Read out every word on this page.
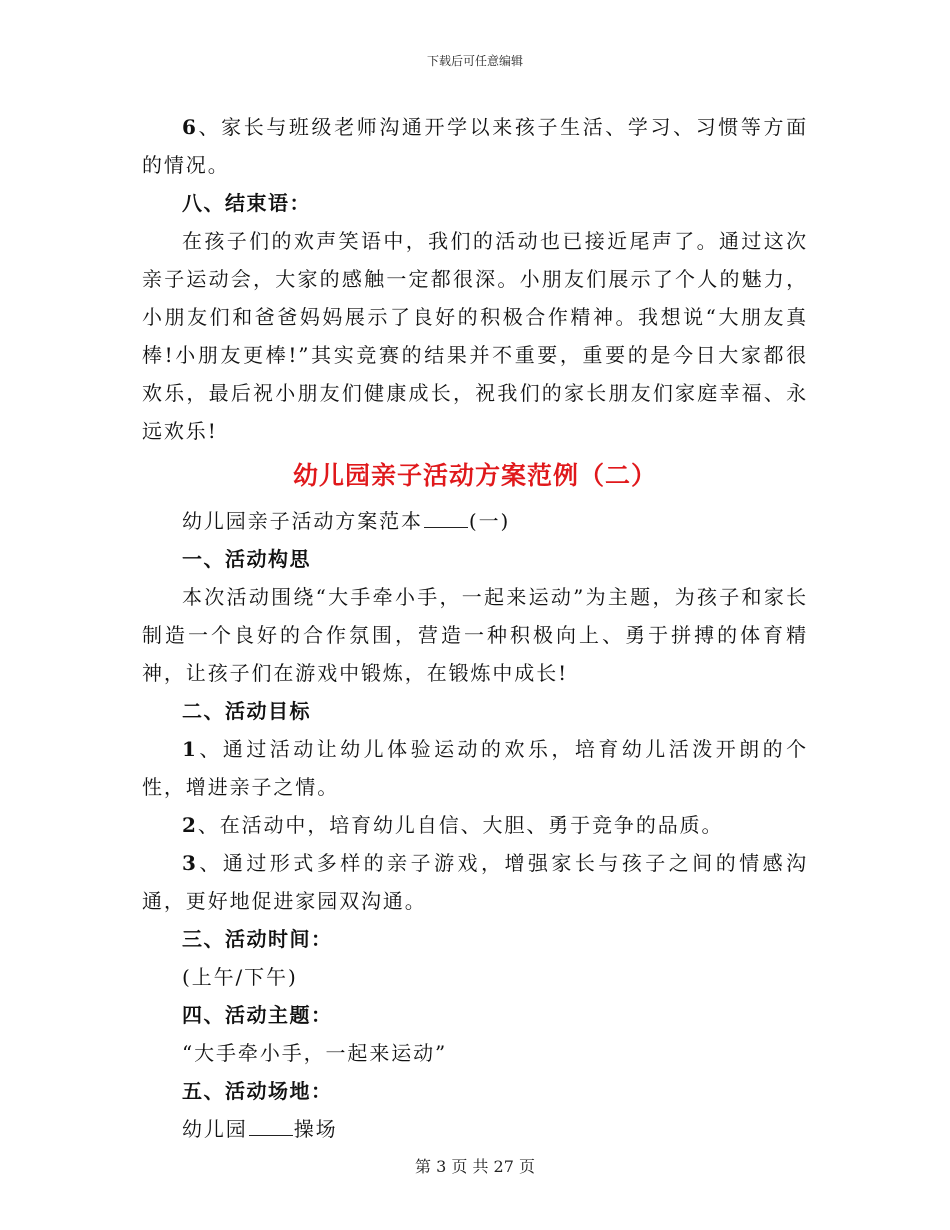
下载后可任意编辑

6、家长与班级老师沟通开学以来孩子生活、学习、习惯等方面的情况。

八、结束语：

在孩子们的欢声笑语中，我们的活动也已接近尾声了。通过这次亲子运动会，大家的感触一定都很深。小朋友们展示了个人的魅力，小朋友们和爸爸妈妈展示了良好的积极合作精神。我想说“大朋友真棒!小朋友更棒!”其实竞赛的结果并不重要，重要的是今日大家都很欢乐，最后祝小朋友们健康成长，祝我们的家长朋友们家庭幸福、永远欢乐!

幼儿园亲子活动方案范例（二）

幼儿园亲子活动方案范本 (一)

一、活动构思

本次活动围绕“大手牵小手，一起来运动”为主题，为孩子和家长制造一个良好的合作氛围，营造一种积极向上、勇于拼搏的体育精神，让孩子们在游戏中锻炼，在锻炼中成长!

二、活动目标

1、通过活动让幼儿体验运动的欢乐，培育幼儿活泼开朗的个性，增进亲子之情。

2、在活动中，培育幼儿自信、大胆、勇于竞争的品质。

3、通过形式多样的亲子游戏，增强家长与孩子之间的情感沟通，更好地促进家园双沟通。

三、活动时间：

(上午/下午)

四、活动主题：

“大手牵小手，一起来运动”

五、活动场地：

幼儿园 操场

第 3 页 共 27 页
